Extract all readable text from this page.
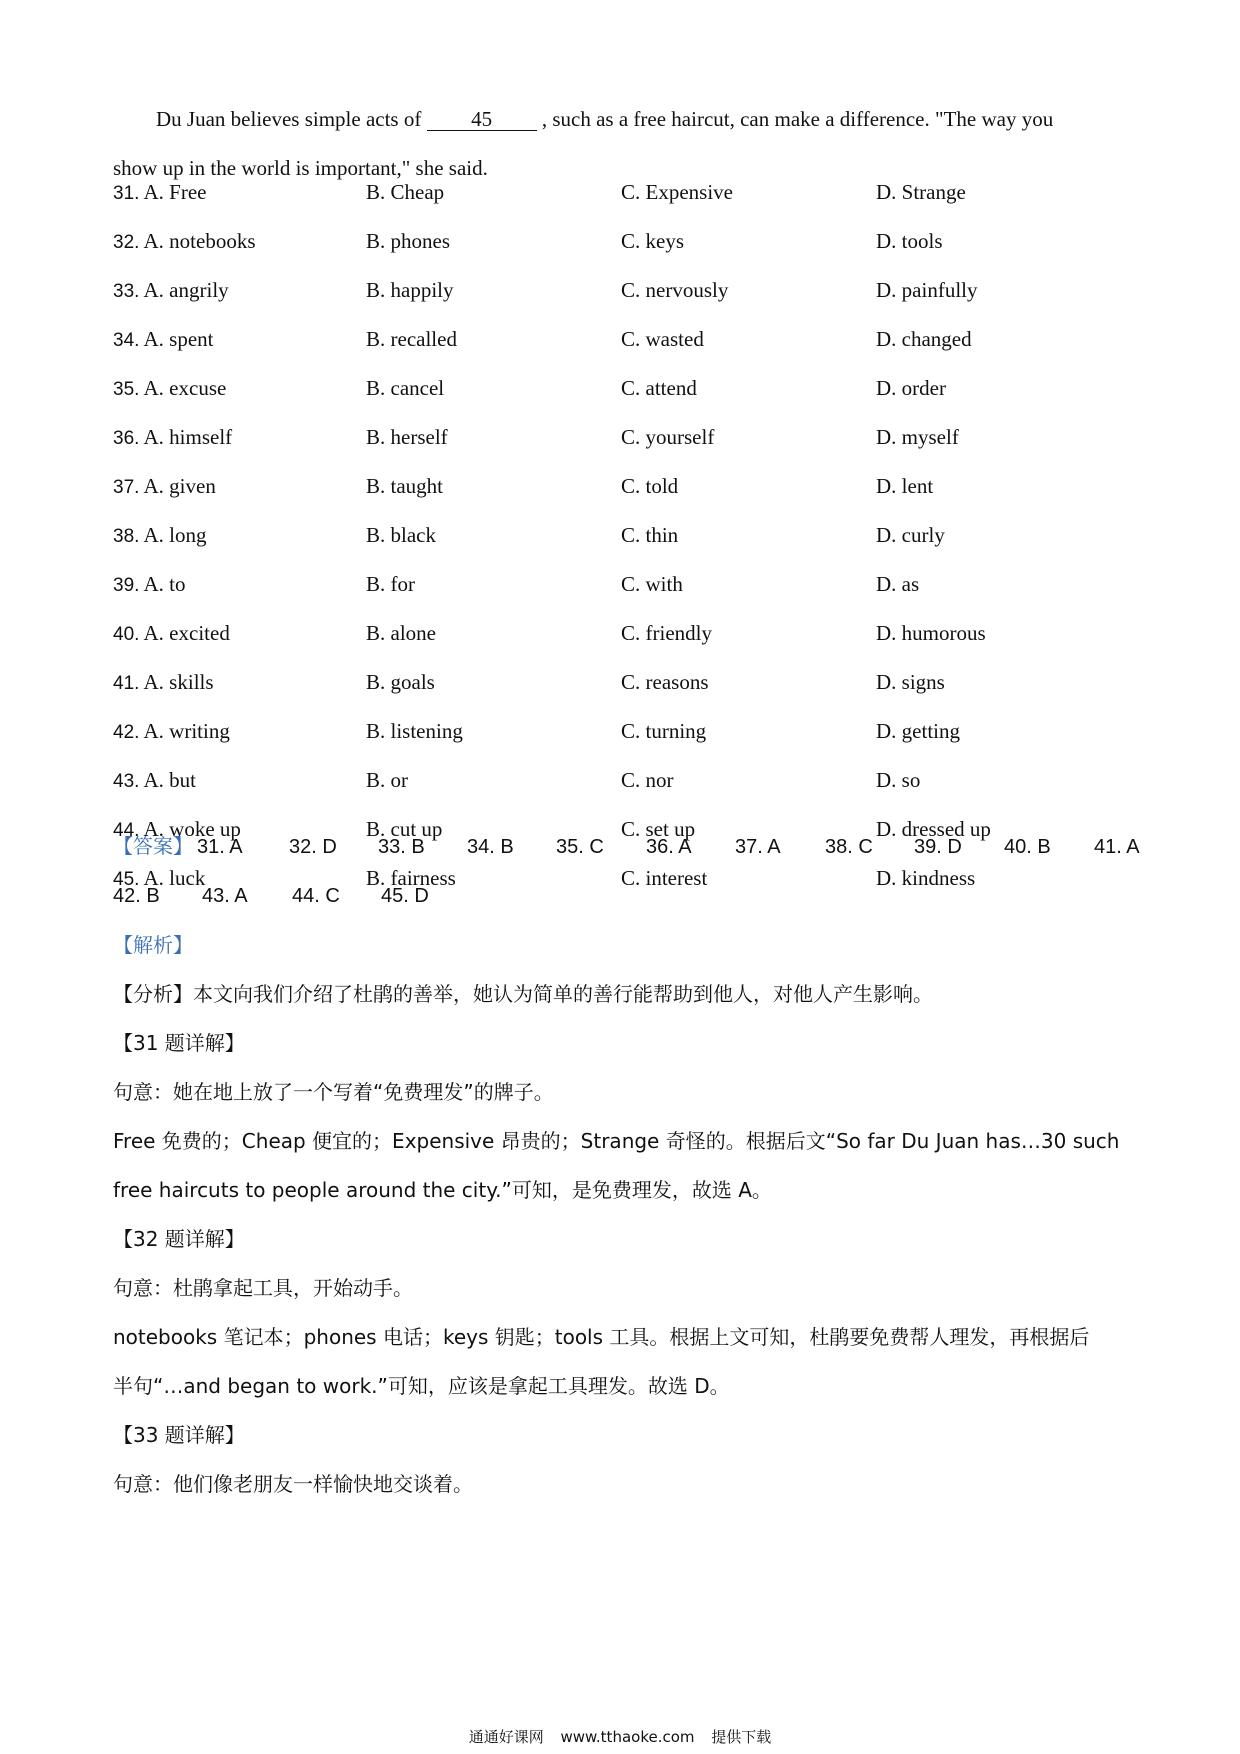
Du Juan believes simple acts of 45 , such as a free haircut, can make a difference. "The way you
show up in the world is important," she said.
31. A. Free	B. Cheap	C. Expensive	D. Strange
32. A. notebooks	B. phones	C. keys	D. tools
33. A. angrily	B. happily	C. nervously	D. painfully
34. A. spent	B. recalled	C. wasted	D. changed
35. A. excuse	B. cancel	C. attend	D. order
36. A. himself	B. herself	C. yourself	D. myself
37. A. given	B. taught	C. told	D. lent
38. A. long	B. black	C. thin	D. curly
39. A. to	B. for	C. with	D. as
40. A. excited	B. alone	C. friendly	D. humorous
41. A. skills	B. goals	C. reasons	D. signs
42. A. writing	B. listening	C. turning	D. getting
43. A. but	B. or	C. nor	D. so
44. A. woke up	B. cut up	C. set up	D. dressed up
45. A. luck	B. fairness	C. interest	D. kindness
【答案】 31. A 32. D 33. B 34. B 35. C 36. A 37. A 38. C 39. D 40. B 41. A
42. B 43. A 44. C 45. D
【解析】
【分析】本文向我们介绍了杜鹃的善举，她认为简单的善行能帮助到他人，对他人产生影响。
【31 题详解】
句意：她在地上放了一个写着“免费理发”的牌子。
Free 免费的；Cheap 便宜的；Expensive 昂贵的；Strange 奇怪的。根据后文“So far Du Juan has…30 such
free haircuts to people around the city.”可知，是免费理发，故选 A。
【32 题详解】
句意：杜鹃拿起工具，开始动手。
notebooks 笔记本；phones 电话；keys 钥匙；tools 工具。根据上文可知，杜鹃要免费帮人理发，再根据后
半句“…and began to work.”可知，应该是拿起工具理发。故选 D。
【33 题详解】
句意：他们像老朋友一样愉快地交谈着。
通通好课网 www.tthaoke.com 提供下载
